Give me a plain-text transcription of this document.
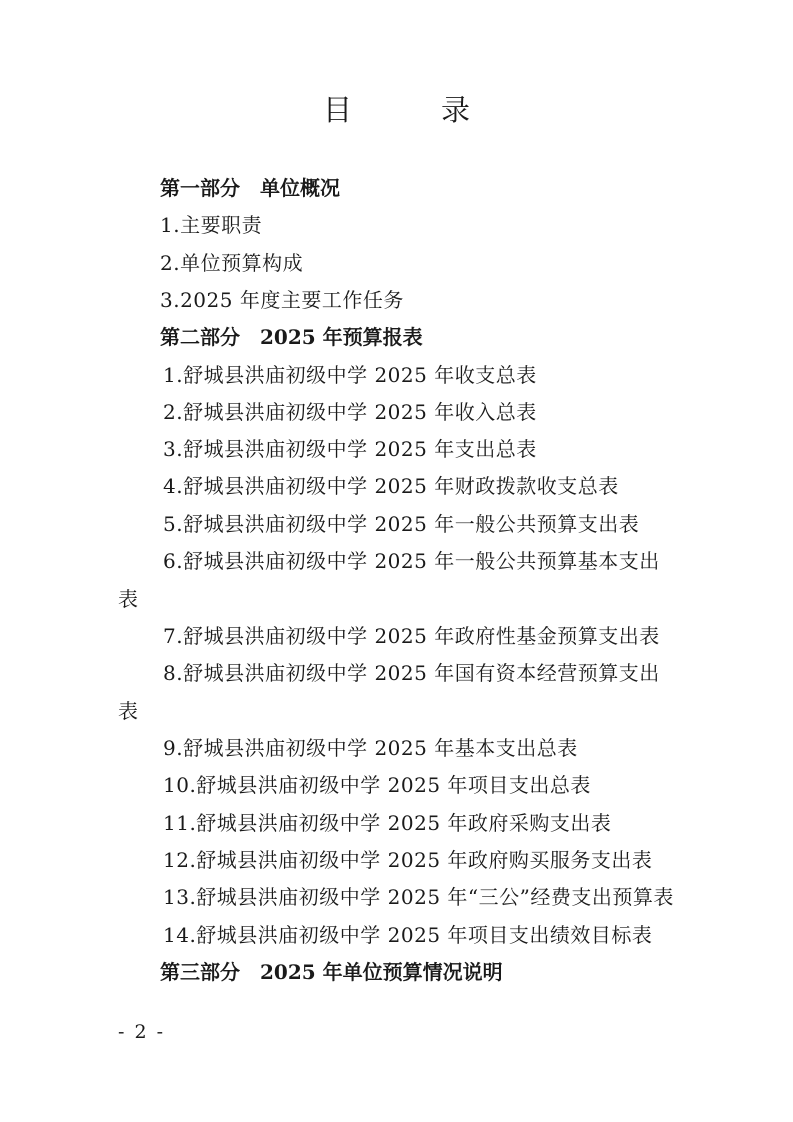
目　录
第一部分　单位概况
1.主要职责
2.单位预算构成
3.2025 年度主要工作任务
第二部分　2025 年预算报表
1.舒城县洪庙初级中学 2025 年收支总表
2.舒城县洪庙初级中学 2025 年收入总表
3.舒城县洪庙初级中学 2025 年支出总表
4.舒城县洪庙初级中学 2025 年财政拨款收支总表
5.舒城县洪庙初级中学 2025 年一般公共预算支出表
6.舒城县洪庙初级中学 2025 年一般公共预算基本支出
表
7.舒城县洪庙初级中学 2025 年政府性基金预算支出表
8.舒城县洪庙初级中学 2025 年国有资本经营预算支出
表
9.舒城县洪庙初级中学 2025 年基本支出总表
10.舒城县洪庙初级中学 2025 年项目支出总表
11.舒城县洪庙初级中学 2025 年政府采购支出表
12.舒城县洪庙初级中学 2025 年政府购买服务支出表
13.舒城县洪庙初级中学 2025 年“三公”经费支出预算表
14.舒城县洪庙初级中学 2025 年项目支出绩效目标表
第三部分　2025 年单位预算情况说明
- 2 -
